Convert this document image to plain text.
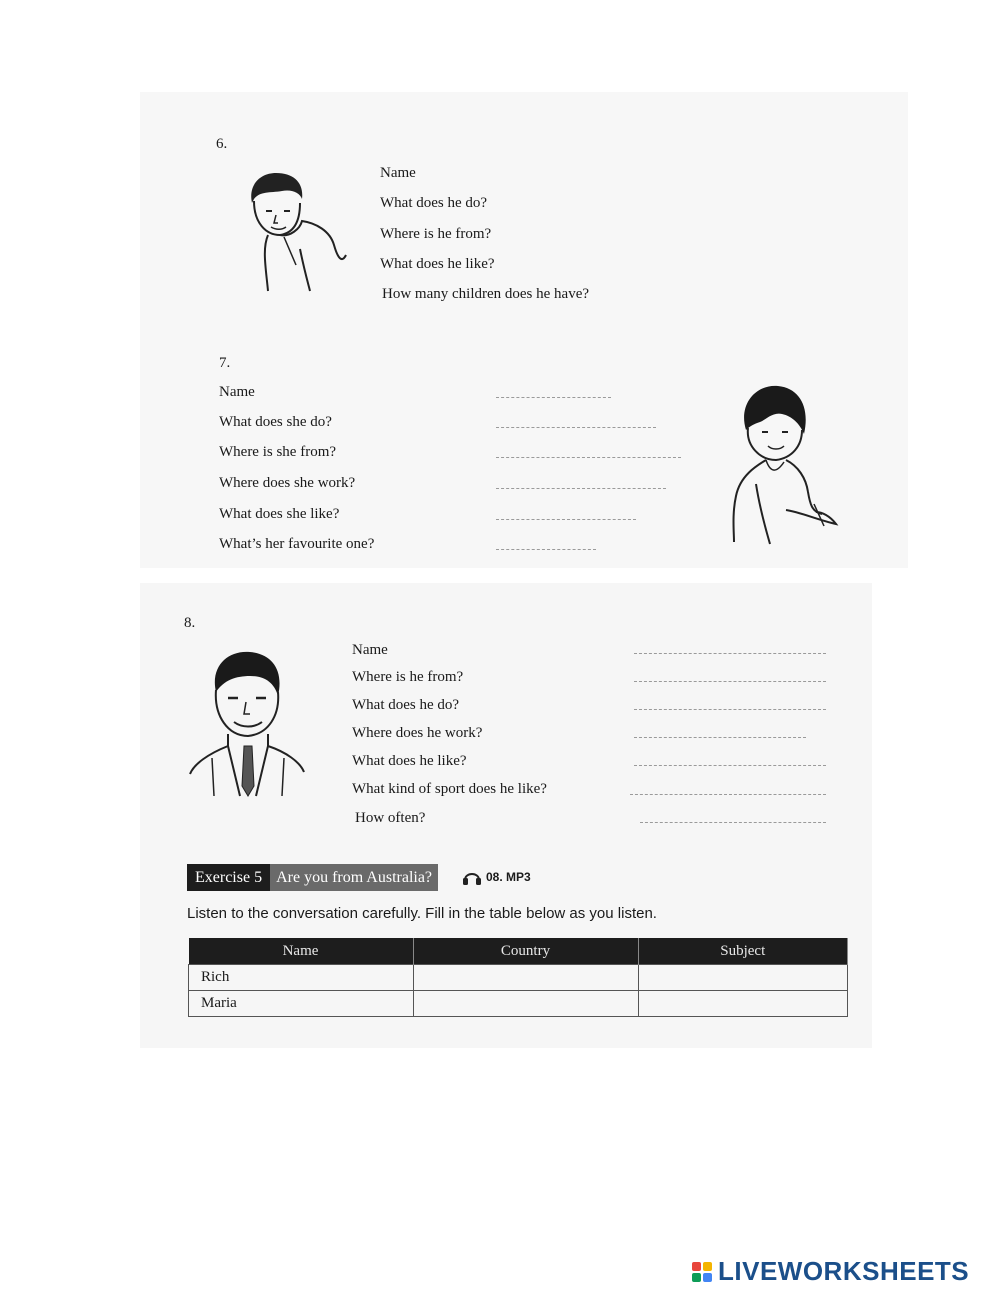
6.
Name
What does he do?
Where is he from?
What does he like?
How many children does he have?
7.
Name
What does she do?
Where is she from?
Where does she work?
What does she like?
What’s her favourite one?
8.
Name
Where is he from?
What does he do?
Where does he work?
What does he like?
What kind of sport does he like?
How often?
Exercise 5 Are you from Australia?	08. MP3
Listen to the conversation carefully. Fill in the table below as you listen.
Name	Country	Subject
Rich		
Maria		
LIVEWORKSHEETS
